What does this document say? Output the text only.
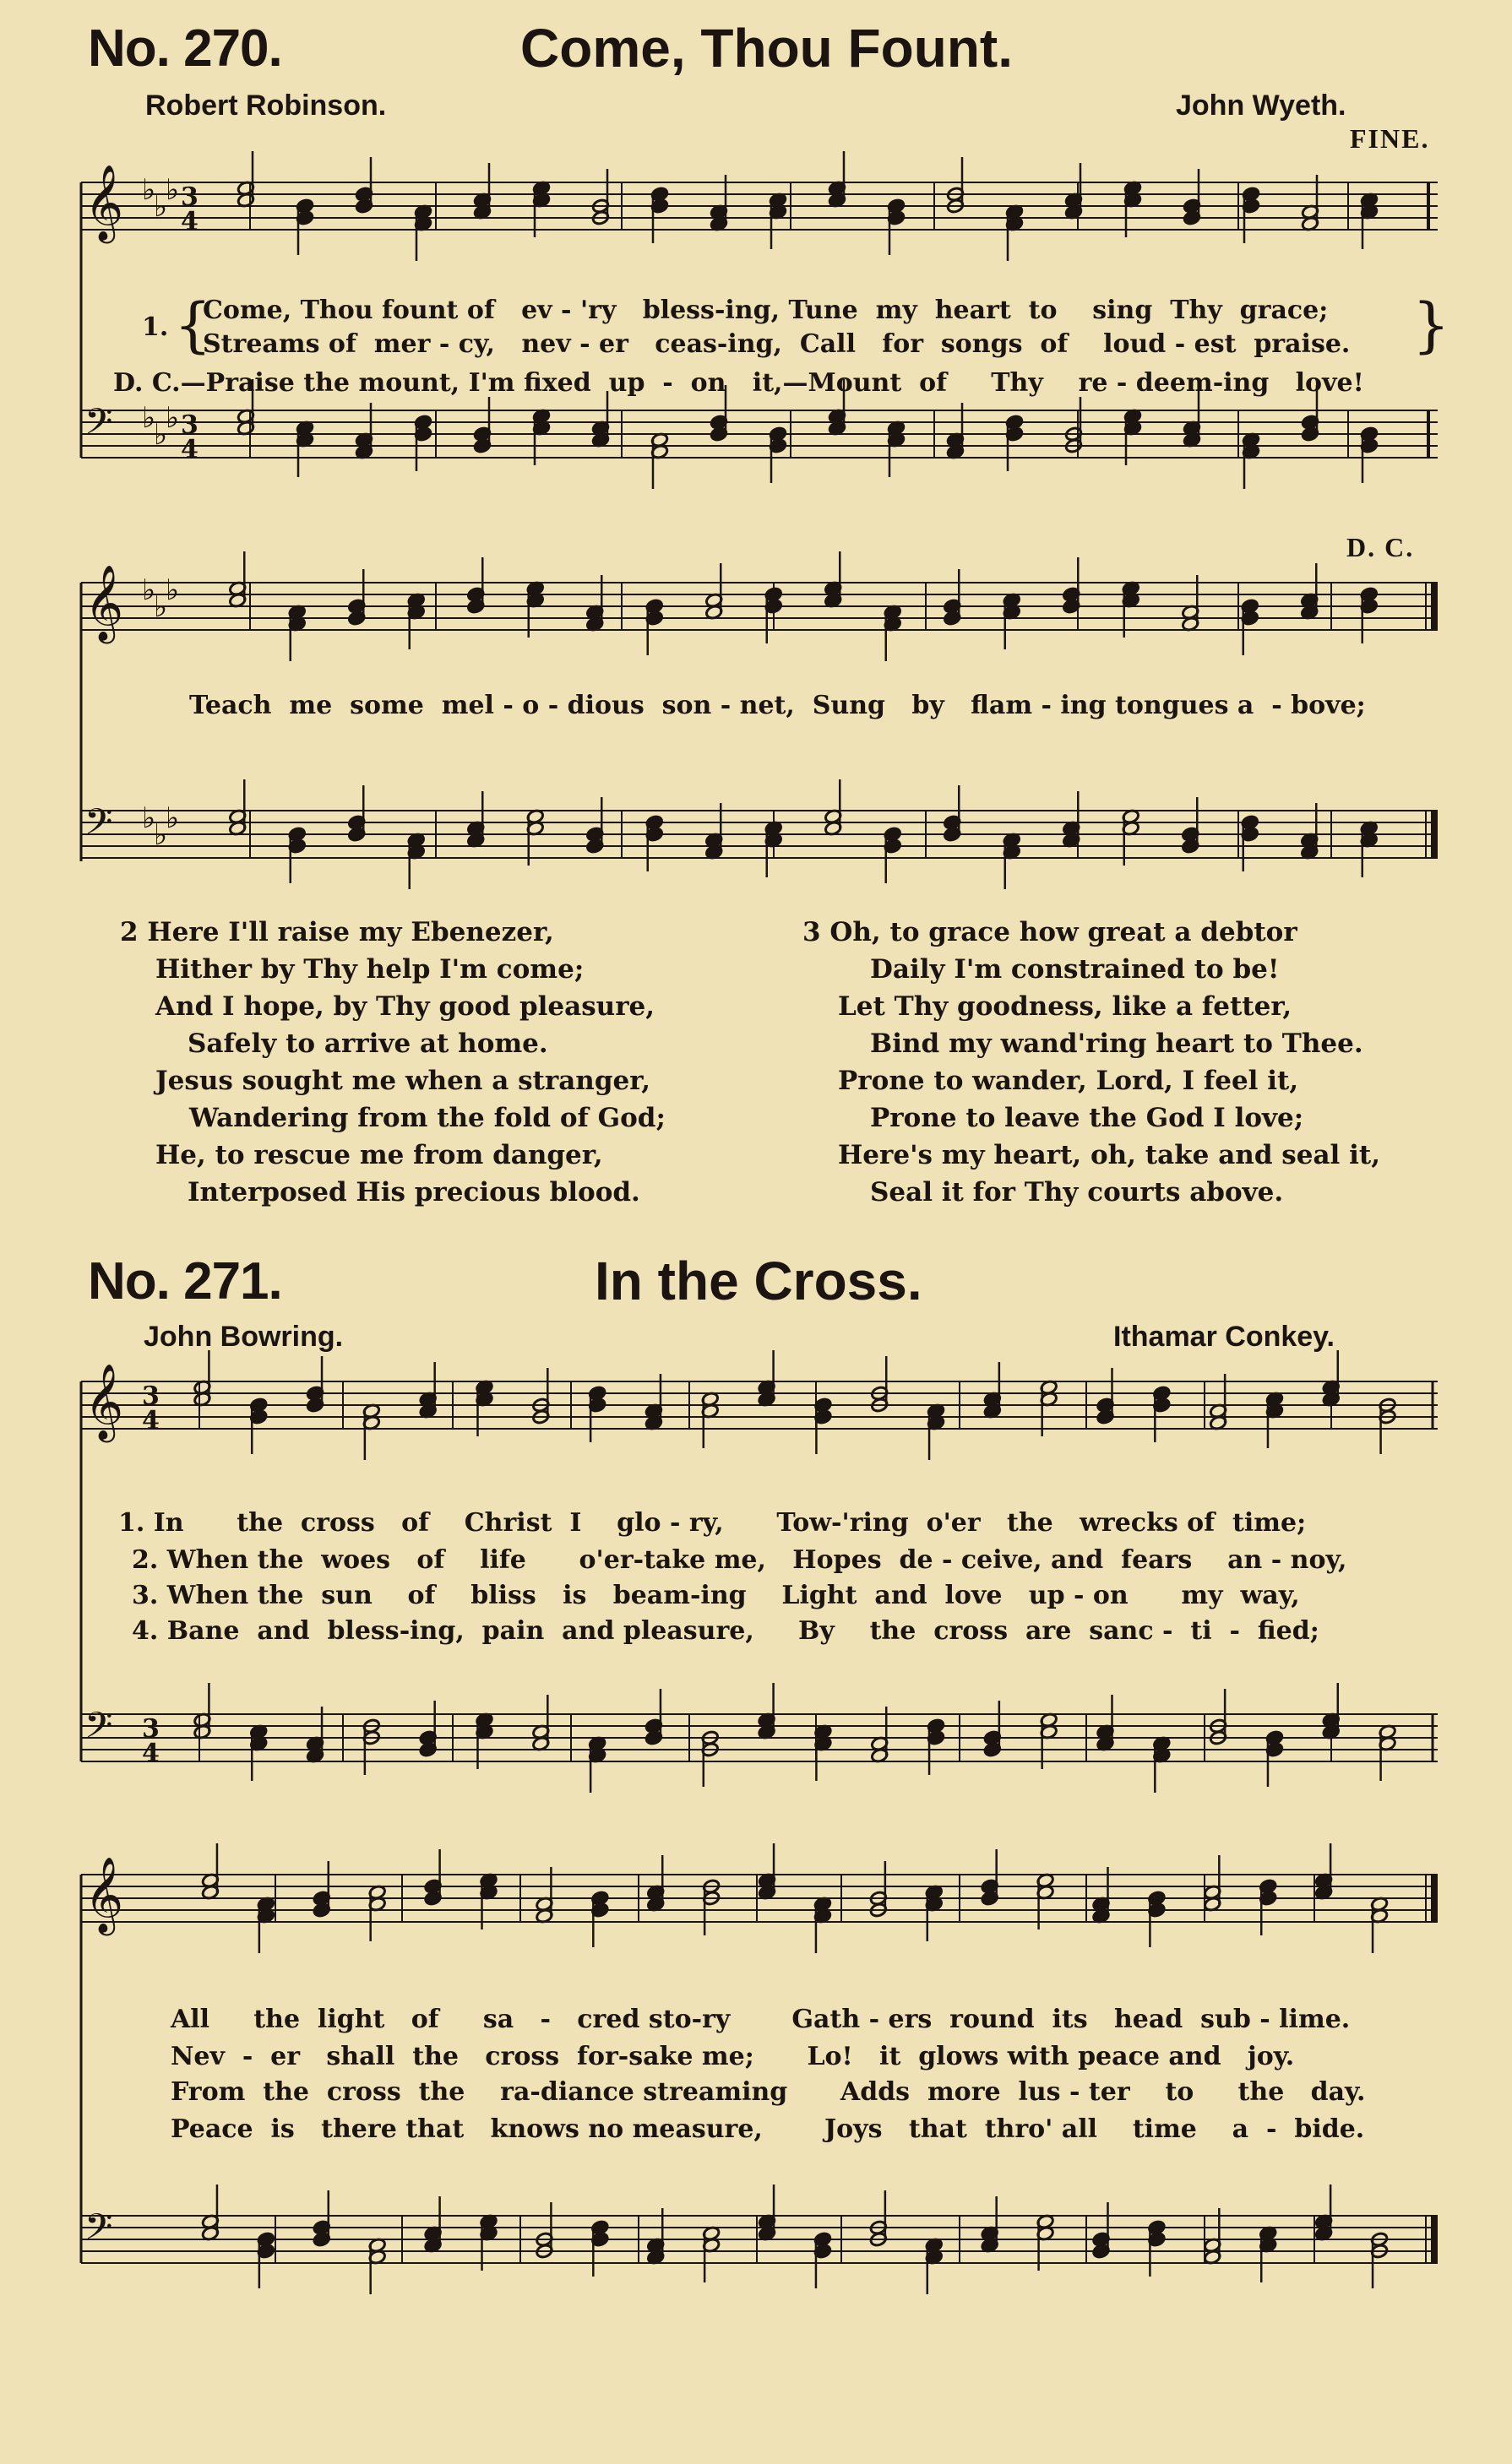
No. 270.	Come, Thou Fount.
Robert Robinson.	John Wyeth.
FINE.
𝄞 ♭
♭
♭ 3
4
𝄢 ♭
♭
♭ 3
4
1. {
Come, Thou fount of   ev - 'ry   bless-ing, Tune  my  heart  to    sing  Thy  grace;
Streams of  mer - cy,   nev - er   ceas-ing,  Call   for  songs  of    loud - est  praise. }
D. C.—Praise the mount, I'm fixed  up  -  on   it,—Mount  of     Thy    re - deem-ing   love!
D. C.
𝄞 ♭
♭
♭
𝄢 ♭
♭
♭
Teach  me  some  mel - o - dious  son - net,  Sung   by   flam - ing tongues a  - bove;
2 Here I'll raise my Ebenezer,
Hither by Thy help I'm come;
And I hope, by Thy good pleasure,
Safely to arrive at home.
Jesus sought me when a stranger,
Wandering from the fold of God;
He, to rescue me from danger,
Interposed His precious blood.
3 Oh, to grace how great a debtor
Daily I'm constrained to be!
Let Thy goodness, like a fetter,
Bind my wand'ring heart to Thee.
Prone to wander, Lord, I feel it,
Prone to leave the God I love;
Here's my heart, oh, take and seal it,
Seal it for Thy courts above.
No. 271.	In the Cross.
John Bowring.	Ithamar Conkey.
𝄞 3
4
𝄢 3
4
1. In      the  cross   of    Christ  I    glo - ry,      Tow-'ring  o'er   the   wrecks of  time;
2. When the  woes   of    life      o'er-take me,   Hopes  de - ceive, and  fears    an - noy,
3. When the  sun    of    bliss   is   beam-ing    Light  and  love   up - on      my  way,
4. Bane  and  bless-ing,  pain  and pleasure,     By    the  cross  are  sanc -  ti  -  fied;
𝄞
𝄢
All     the  light   of     sa   -   cred sto-ry       Gath - ers  round  its   head  sub - lime.
Nev  -  er   shall  the   cross  for-sake me;      Lo!   it  glows with peace and   joy.
From  the  cross  the    ra-diance streaming      Adds  more  lus - ter    to     the   day.
Peace  is   there that   knows no measure,       Joys   that  thro' all    time    a  -  bide.
